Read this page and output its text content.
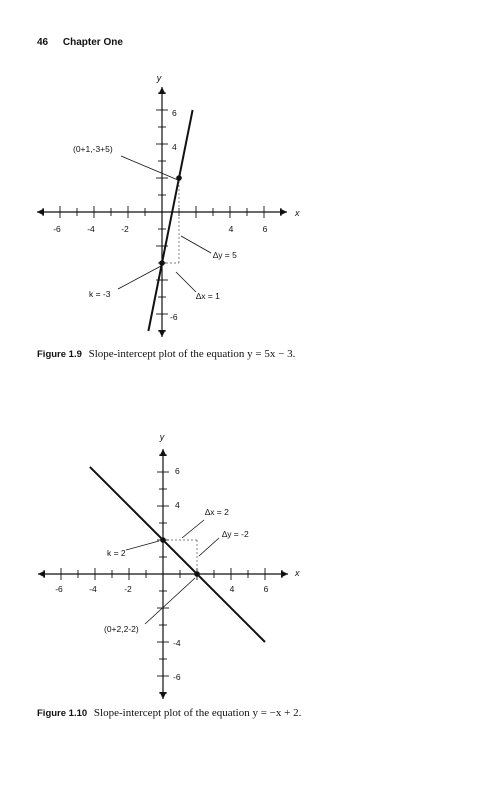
46 Chapter One
x
y
-6	-4	-2	4	6
6
4
-6
(0+1,-3+5)
k = -3
∆y = 5
∆x = 1
Figure 1.9 Slope-intercept plot of the equation y = 5x − 3.
x
y
-6	-4	-2	4	6
6
4
-4
-6
k = 2
(0+2,2-2)
∆x = 2
∆y = -2
Figure 1.10 Slope-intercept plot of the equation y = −x + 2.
